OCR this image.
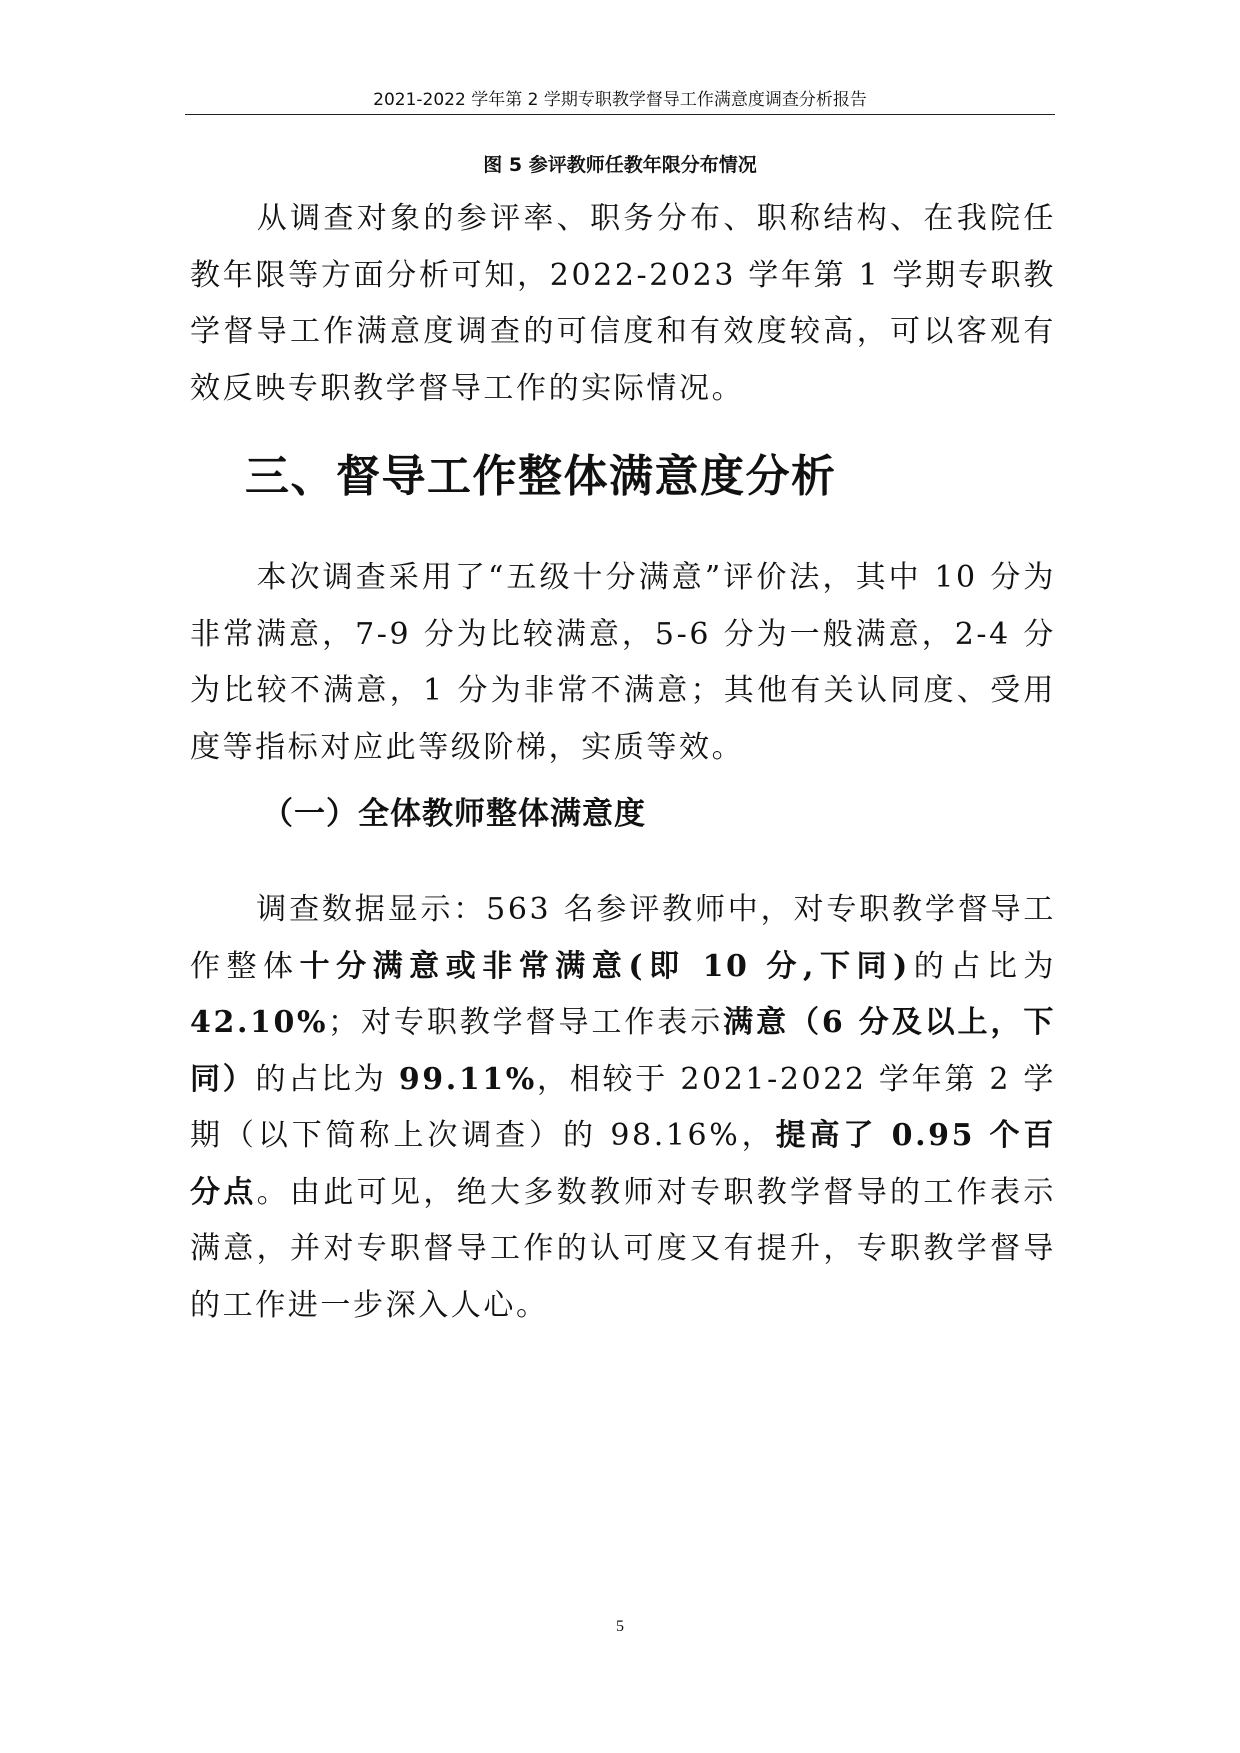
2021-2022 学年第 2 学期专职教学督导工作满意度调查分析报告
图 5 参评教师任教年限分布情况

从调查对象的参评率、职务分布、职称结构、在我院任教年限等方面分析可知，2022-2023 学年第 1 学期专职教学督导工作满意度调查的可信度和有效度较高，可以客观有效反映专职教学督导工作的实际情况。

三、督导工作整体满意度分析

本次调查采用了“五级十分满意”评价法，其中 10 分为非常满意，7-9 分为比较满意，5-6 分为一般满意，2-4 分为比较不满意，1 分为非常不满意；其他有关认同度、受用度等指标对应此等级阶梯，实质等效。

（一）全体教师整体满意度

调查数据显示：563 名参评教师中，对专职教学督导工作整体十分满意或非常满意(即 10 分,下同)的占比为42.10%；对专职教学督导工作表示满意（6 分及以上，下同）的占比为 99.11%，相较于 2021-2022 学年第 2 学期（以下简称上次调查）的 98.16%，提高了 0.95 个百分点。由此可见，绝大多数教师对专职教学督导的工作表示满意，并对专职督导工作的认可度又有提升，专职教学督导的工作进一步深入人心。

5
